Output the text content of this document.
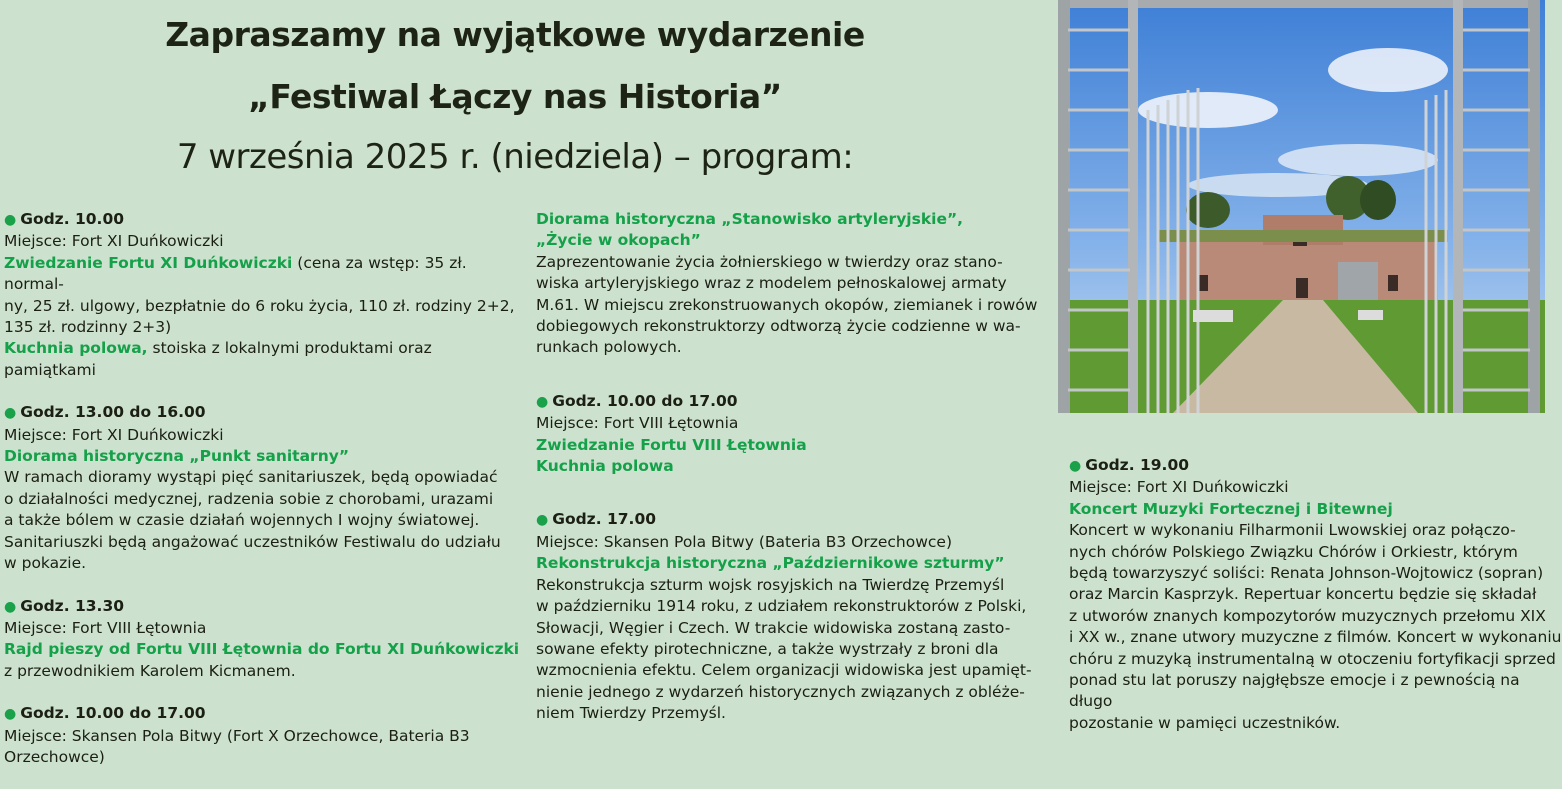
Zapraszamy na wyjątkowe wydarzenie
„Festiwal Łączy nas Historia”
7 września 2025 r. (niedziela) – program:

● Godz. 10.00

Miejsce: Fort XI Duńkowiczki

Zwiedzanie Fortu XI Duńkowiczki (cena za wstęp: 35 zł. normal-

ny, 25 zł. ulgowy, bezpłatnie do 6 roku życia, 110 zł. rodziny 2+2,

135 zł. rodzinny 2+3)

Kuchnia polowa, stoiska z lokalnymi produktami oraz pamiątkami

● Godz. 13.00 do 16.00

Miejsce: Fort XI Duńkowiczki

Diorama historyczna „Punkt sanitarny”

W ramach dioramy wystąpi pięć sanitariuszek, będą opowiadać

o działalności medycznej, radzenia sobie z chorobami, urazami

a także bólem w czasie działań wojennych I wojny światowej.

Sanitariuszki będą angażować uczestników Festiwalu do udziału

w pokazie.

● Godz. 13.30

Miejsce: Fort VIII Łętownia

Rajd pieszy od Fortu VIII Łętownia do Fortu XI Duńkowiczki

z przewodnikiem Karolem Kicmanem.

● Godz. 10.00 do 17.00

Miejsce: Skansen Pola Bitwy (Fort X Orzechowce, Bateria B3

Orzechowce)

Diorama historyczna „Stanowisko artyleryjskie”,

„Życie w okopach”

Zaprezentowanie życia żołnierskiego w twierdzy oraz stano-

wiska artyleryjskiego wraz z modelem pełnoskalowej armaty

M.61. W miejscu zrekonstruowanych okopów, ziemianek i rowów

dobiegowych rekonstruktorzy odtworzą życie codzienne w wa-

runkach polowych.

● Godz. 10.00 do 17.00

Miejsce: Fort VIII Łętownia

Zwiedzanie Fortu VIII Łętownia

Kuchnia polowa

● Godz. 17.00

Miejsce: Skansen Pola Bitwy (Bateria B3 Orzechowce)

Rekonstrukcja historyczna „Październikowe szturmy”

Rekonstrukcja szturm wojsk rosyjskich na Twierdzę Przemyśl

w październiku 1914 roku, z udziałem rekonstruktorów z Polski,

Słowacji, Węgier i Czech. W trakcie widowiska zostaną zasto-

sowane efekty pirotechniczne, a także wystrzały z broni dla

wzmocnienia efektu. Celem organizacji widowiska jest upamięt-

nienie jednego z wydarzeń historycznych związanych z obléże-

niem Twierdzy Przemyśl.

● Godz. 19.00

Miejsce: Fort XI Duńkowiczki

Koncert Muzyki Fortecznej i Bitewnej

Koncert w wykonaniu Filharmonii Lwowskiej oraz połączo-

nych chórów Polskiego Związku Chórów i Orkiestr, którym

będą towarzyszyć soliści: Renata Johnson-Wojtowicz (sopran)

oraz Marcin Kasprzyk. Repertuar koncertu będzie się składał

z utworów znanych kompozytorów muzycznych przełomu XIX

i XX w., znane utwory muzyczne z filmów. Koncert w wykonaniu

chóru z muzyką instrumentalną w otoczeniu fortyfikacji sprzed

ponad stu lat poruszy najgłębsze emocje i z pewnością na długo

pozostanie w pamięci uczestników.
